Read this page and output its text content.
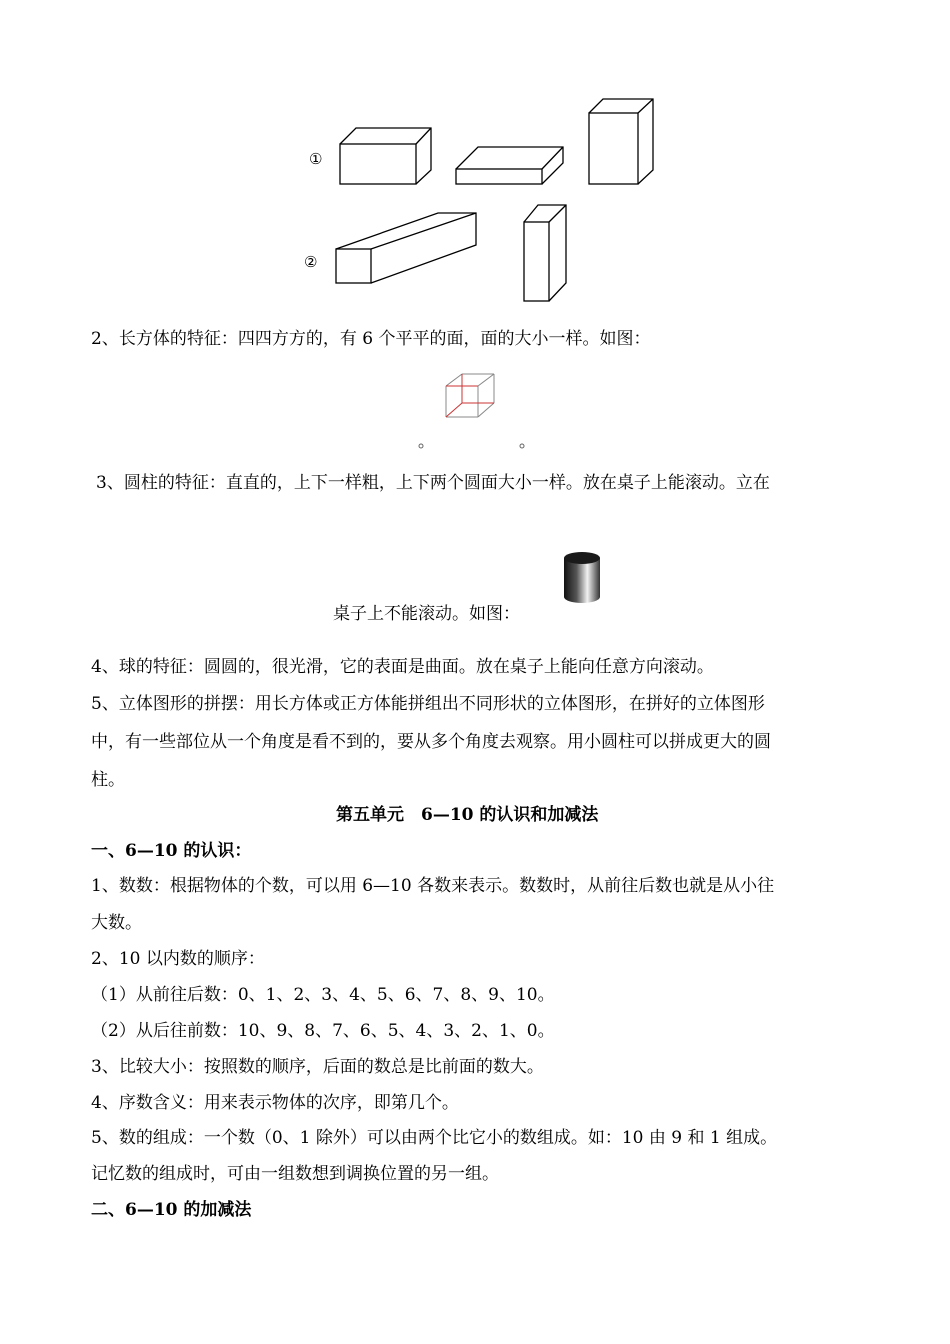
①
②
2、长方体的特征：四四方方的，有 6 个平平的面，面的大小一样。如图：
3、圆柱的特征：直直的，上下一样粗，上下两个圆面大小一样。放在桌子上能滚动。立在
桌子上不能滚动。如图：
4、球的特征：圆圆的，很光滑，它的表面是曲面。放在桌子上能向任意方向滚动。
5、立体图形的拼摆：用长方体或正方体能拼组出不同形状的立体图形，在拼好的立体图形
中，有一些部位从一个角度是看不到的，要从多个角度去观察。用小圆柱可以拼成更大的圆
柱。
第五单元　6—10 的认识和加减法
一、6—10 的认识：
1、数数：根据物体的个数，可以用 6—10 各数来表示。数数时，从前往后数也就是从小往
大数。
2、10 以内数的顺序：
（1）从前往后数：0、1、2、3、4、5、6、7、8、9、10。
（2）从后往前数：10、9、8、7、6、5、4、3、2、1、0。
3、比较大小：按照数的顺序，后面的数总是比前面的数大。
4、序数含义：用来表示物体的次序，即第几个。
5、数的组成：一个数（0、1 除外）可以由两个比它小的数组成。如：10 由 9 和 1 组成。
记忆数的组成时，可由一组数想到调换位置的另一组。
二、6—10 的加减法
